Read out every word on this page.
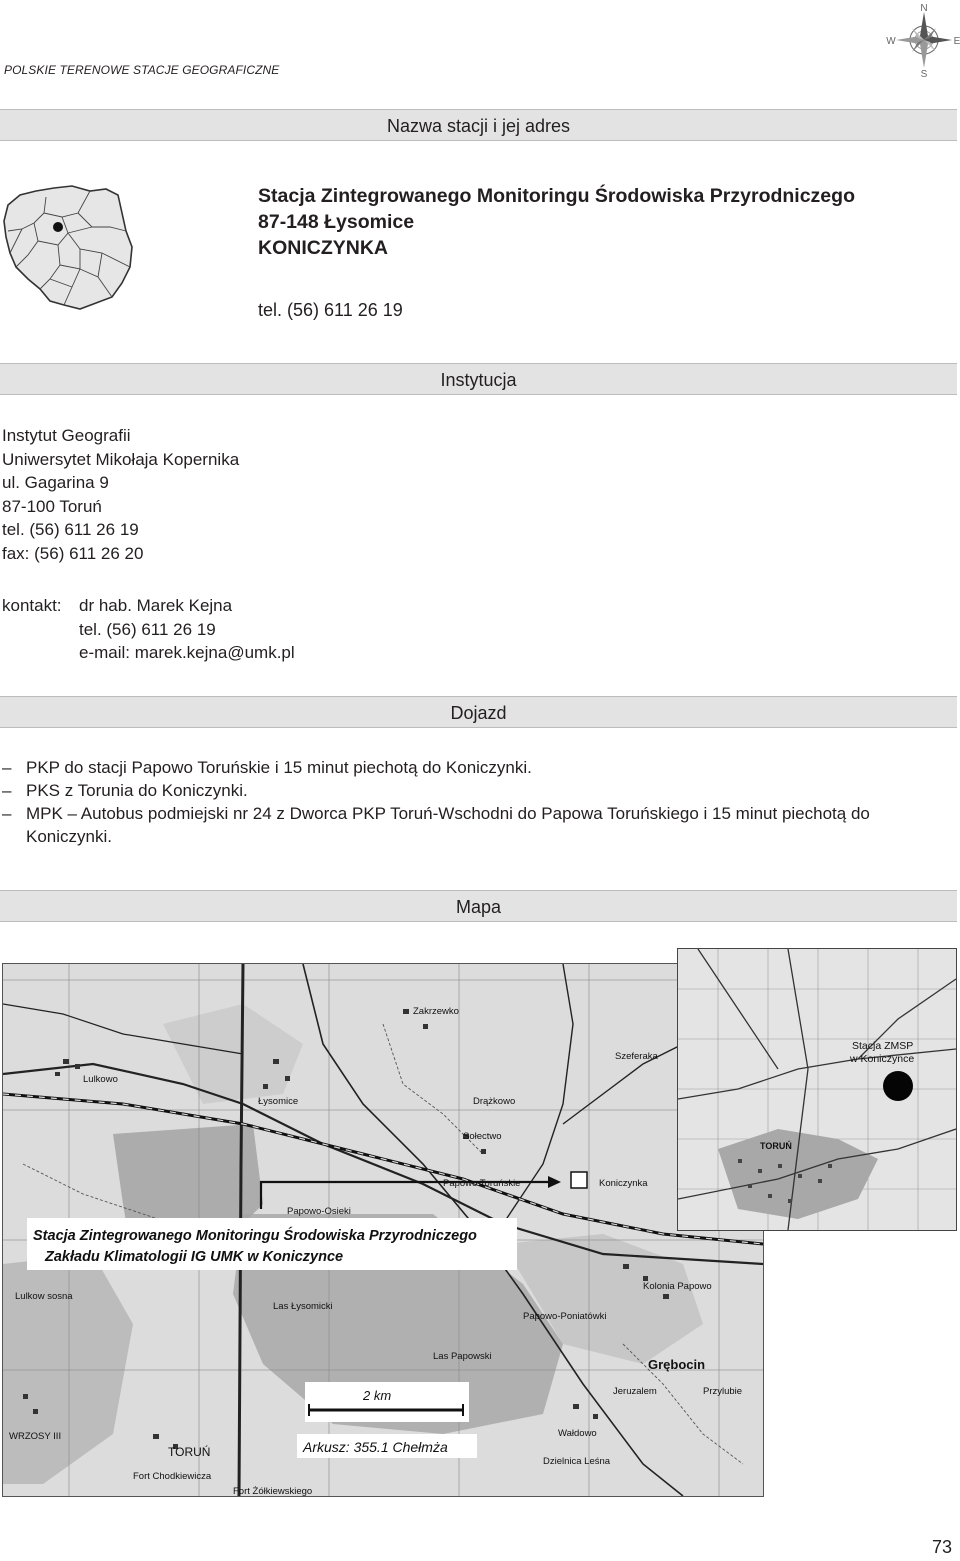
POLSKIE TERENOWE STACJE GEOGRAFICZNE
N
S
E
W
Nazwa stacji i jej adres
Stacja Zintegrowanego Monitoringu Środowiska Przyrodniczego
87-148 Łysomice
KONICZYNKA
tel. (56) 611 26 19
Instytucja
Instytut Geografii
Uniwersytet Mikołaja Kopernika
ul. Gagarina 9
87-100 Toruń
tel. (56) 611 26 19
fax: (56) 611 26 20
kontakt: dr hab. Marek Kejna
tel. (56) 611 26 19
e-mail: marek.kejna@umk.pl
Dojazd
– PKP do stacji Papowo Toruńskie i 15 minut piechotą do Koniczynki.
– PKS z Torunia do Koniczynki.
– MPK – Autobus podmiejski nr 24 z Dworca PKP Toruń-Wschodni do Papowa Toruńskiego i 15 minut piechotą do Koniczynki.
Mapa
Lulkowo
Łysomice
Zakrzewko
Drążkowo
Szeferaka
Sołectwo
Papowo Toruńskie
Papowo-Osieki
Koniczynka
Kolonia Papowo
Papowo-Poniatówki
Grębocin
Jeruzalem	Przylubie
Wałdowo
Dzielnica Leśna
TORUŃ
Fort Chodkiewicza
Fort Żółkiewskiego
Las Łysomicki
Las Papowski
Lulkow sosna
WRZOSY III
Stacja Zintegrowanego Monitoringu Środowiska Przyrodniczego
Zakładu Klimatologii IG UMK w Koniczynce
2 km
Arkusz: 355.1 Chełmża
TORUŃ
Stacja ZMSP
w Koniczynce
73
